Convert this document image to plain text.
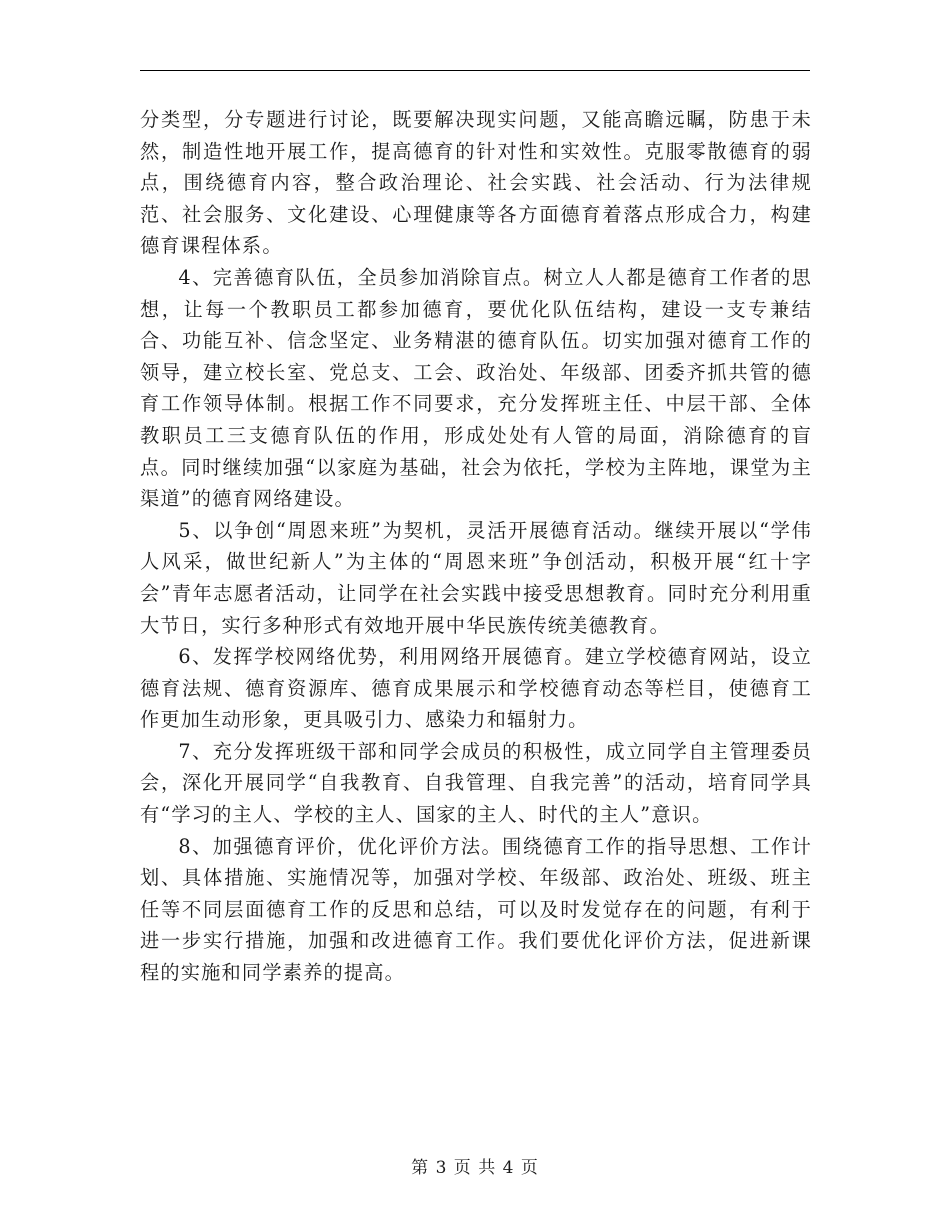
分类型，分专题进行讨论，既要解决现实问题，又能高瞻远瞩，防患于未然，制造性地开展工作，提高德育的针对性和实效性。克服零散德育的弱点，围绕德育内容，整合政治理论、社会实践、社会活动、行为法律规范、社会服务、文化建设、心理健康等各方面德育着落点形成合力，构建德育课程体系。

4、完善德育队伍，全员参加消除盲点。树立人人都是德育工作者的思想，让每一个教职员工都参加德育，要优化队伍结构，建设一支专兼结合、功能互补、信念坚定、业务精湛的德育队伍。切实加强对德育工作的领导，建立校长室、党总支、工会、政治处、年级部、团委齐抓共管的德育工作领导体制。根据工作不同要求，充分发挥班主任、中层干部、全体教职员工三支德育队伍的作用，形成处处有人管的局面，消除德育的盲点。同时继续加强“以家庭为基础，社会为依托，学校为主阵地，课堂为主渠道”的德育网络建设。

5、以争创“周恩来班”为契机，灵活开展德育活动。继续开展以“学伟人风采，做世纪新人”为主体的“周恩来班”争创活动，积极开展“红十字会”青年志愿者活动，让同学在社会实践中接受思想教育。同时充分利用重大节日，实行多种形式有效地开展中华民族传统美德教育。

6、发挥学校网络优势，利用网络开展德育。建立学校德育网站，设立德育法规、德育资源库、德育成果展示和学校德育动态等栏目，使德育工作更加生动形象，更具吸引力、感染力和辐射力。

7、充分发挥班级干部和同学会成员的积极性，成立同学自主管理委员会，深化开展同学“自我教育、自我管理、自我完善”的活动，培育同学具有“学习的主人、学校的主人、国家的主人、时代的主人”意识。

8、加强德育评价，优化评价方法。围绕德育工作的指导思想、工作计划、具体措施、实施情况等，加强对学校、年级部、政治处、班级、班主任等不同层面德育工作的反思和总结，可以及时发觉存在的问题，有利于进一步实行措施，加强和改进德育工作。我们要优化评价方法，促进新课程的实施和同学素养的提高。

第 3 页 共 4 页
